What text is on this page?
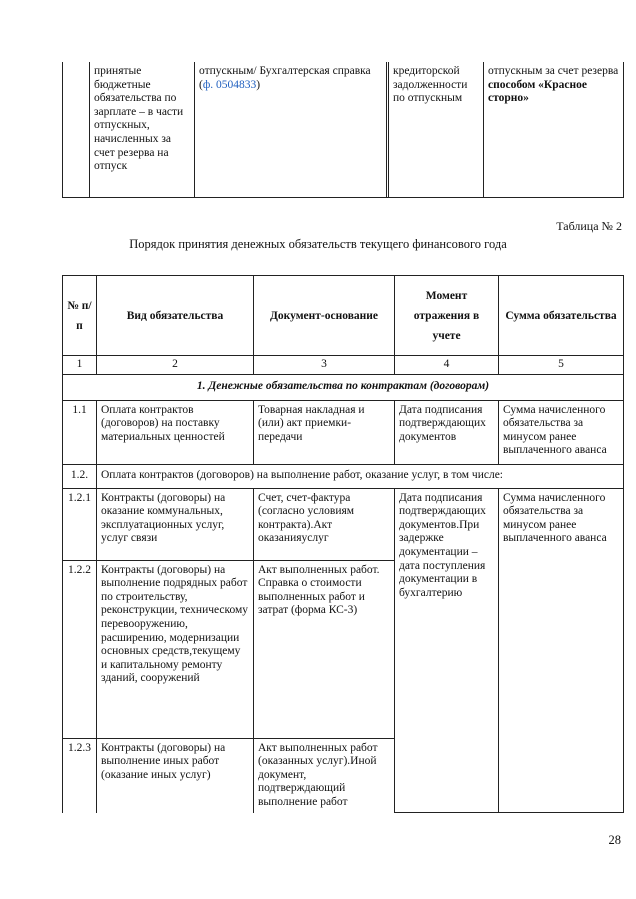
	принятые бюджетные обязательства по зарплате – в части отпускных, начисленных за счет резерва на отпуск	отпускным/ Бухгалтерская справка (ф. 0504833)		кредиторской задолженности по отпускным	отпускным за счет резерва способом «Красное сторно»
Таблица № 2
Порядок принятия денежных обязательств текущего финансового года
№ п/п	Вид обязательства	Документ-основание	Момент отражения в учете	Сумма обязательства
1	2	3	4	5
1. Денежные обязательства по контрактам (договорам)				
1.1	Оплата контрактов (договоров) на поставку материальных ценностей	Товарная накладная и (или) акт приемки-передачи	Дата подписания подтверждающих документов	Сумма начисленного обязательства за минусом ранее выплаченного аванса
1.2.	Оплата контрактов (договоров) на выполнение работ, оказание услуг, в том числе:			
1.2.1	Контракты (договоры) на оказание коммунальных, эксплуатационных услуг, услуг связи	Счет, счет-фактура (согласно условиям контракта).Акт оказанияуслуг	Дата подписания подтверждающих документов.При задержке документации – дата поступления документации в бухгалтерию	Сумма начисленного обязательства за минусом ранее выплаченного аванса
1.2.2	Контракты (договоры) на выполнение подрядных работ по строительству, реконструкции, техническому перевооружению, расширению, модернизации основных средств,текущему и капитальному ремонту зданий, сооружений	Акт выполненных работ. Справка о стоимости выполненных работ и затрат (форма КС-3)		
1.2.3	Контракты (договоры) на выполнение иных работ (оказание иных услуг)	Акт выполненных работ (оказанных услуг).Иной документ, подтверждающий выполнение работ		
28
